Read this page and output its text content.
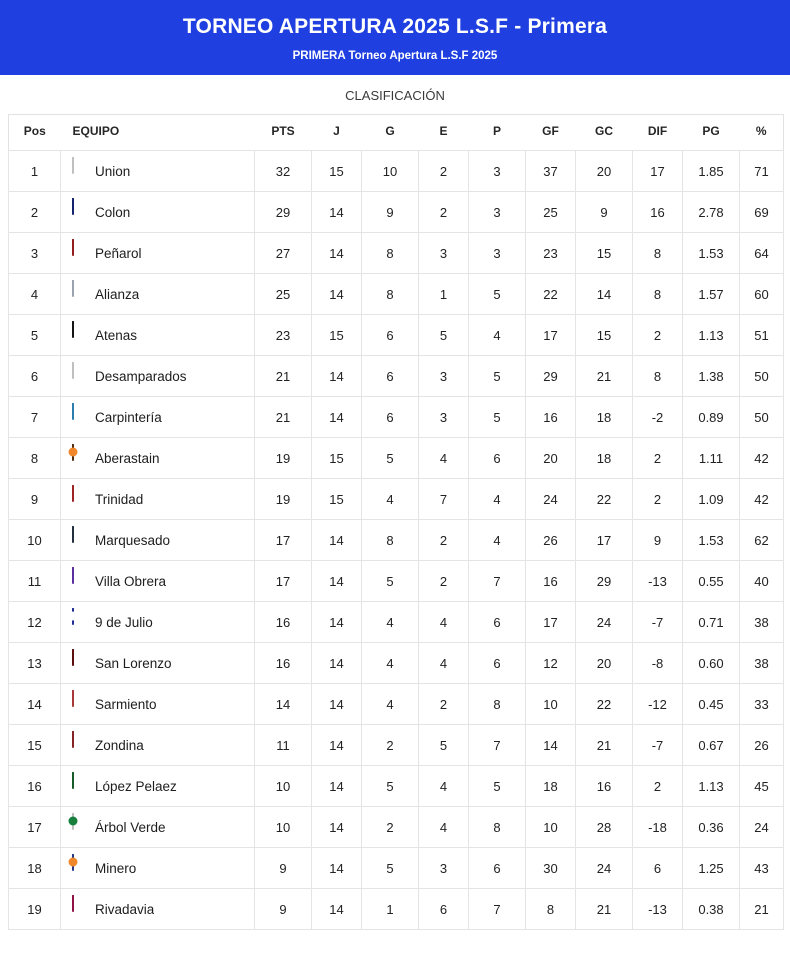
TORNEO APERTURA 2025 L.S.F - Primera
PRIMERA Torneo Apertura L.S.F 2025
CLASIFICACIÓN
Pos	EQUIPO	PTS	J	G	E	P	GF	GC	DIF	PG	%
1	Union	32	15	10	2	3	37	20	17	1.85	71
2	Colon	29	14	9	2	3	25	9	16	2.78	69
3	Peñarol	27	14	8	3	3	23	15	8	1.53	64
4	Alianza	25	14	8	1	5	22	14	8	1.57	60
5	Atenas	23	15	6	5	4	17	15	2	1.13	51
6	Desamparados	21	14	6	3	5	29	21	8	1.38	50
7	Carpintería	21	14	6	3	5	16	18	-2	0.89	50
8	Aberastain	19	15	5	4	6	20	18	2	1.11	42
9	Trinidad	19	15	4	7	4	24	22	2	1.09	42
10	Marquesado	17	14	8	2	4	26	17	9	1.53	62
11	Villa Obrera	17	14	5	2	7	16	29	-13	0.55	40
12	9 de Julio	16	14	4	4	6	17	24	-7	0.71	38
13	San Lorenzo	16	14	4	4	6	12	20	-8	0.60	38
14	Sarmiento	14	14	4	2	8	10	22	-12	0.45	33
15	Zondina	11	14	2	5	7	14	21	-7	0.67	26
16	López Pelaez	10	14	5	4	5	18	16	2	1.13	45
17	Árbol Verde	10	14	2	4	8	10	28	-18	0.36	24
18	Minero	9	14	5	3	6	30	24	6	1.25	43
19	Rivadavia	9	14	1	6	7	8	21	-13	0.38	21
